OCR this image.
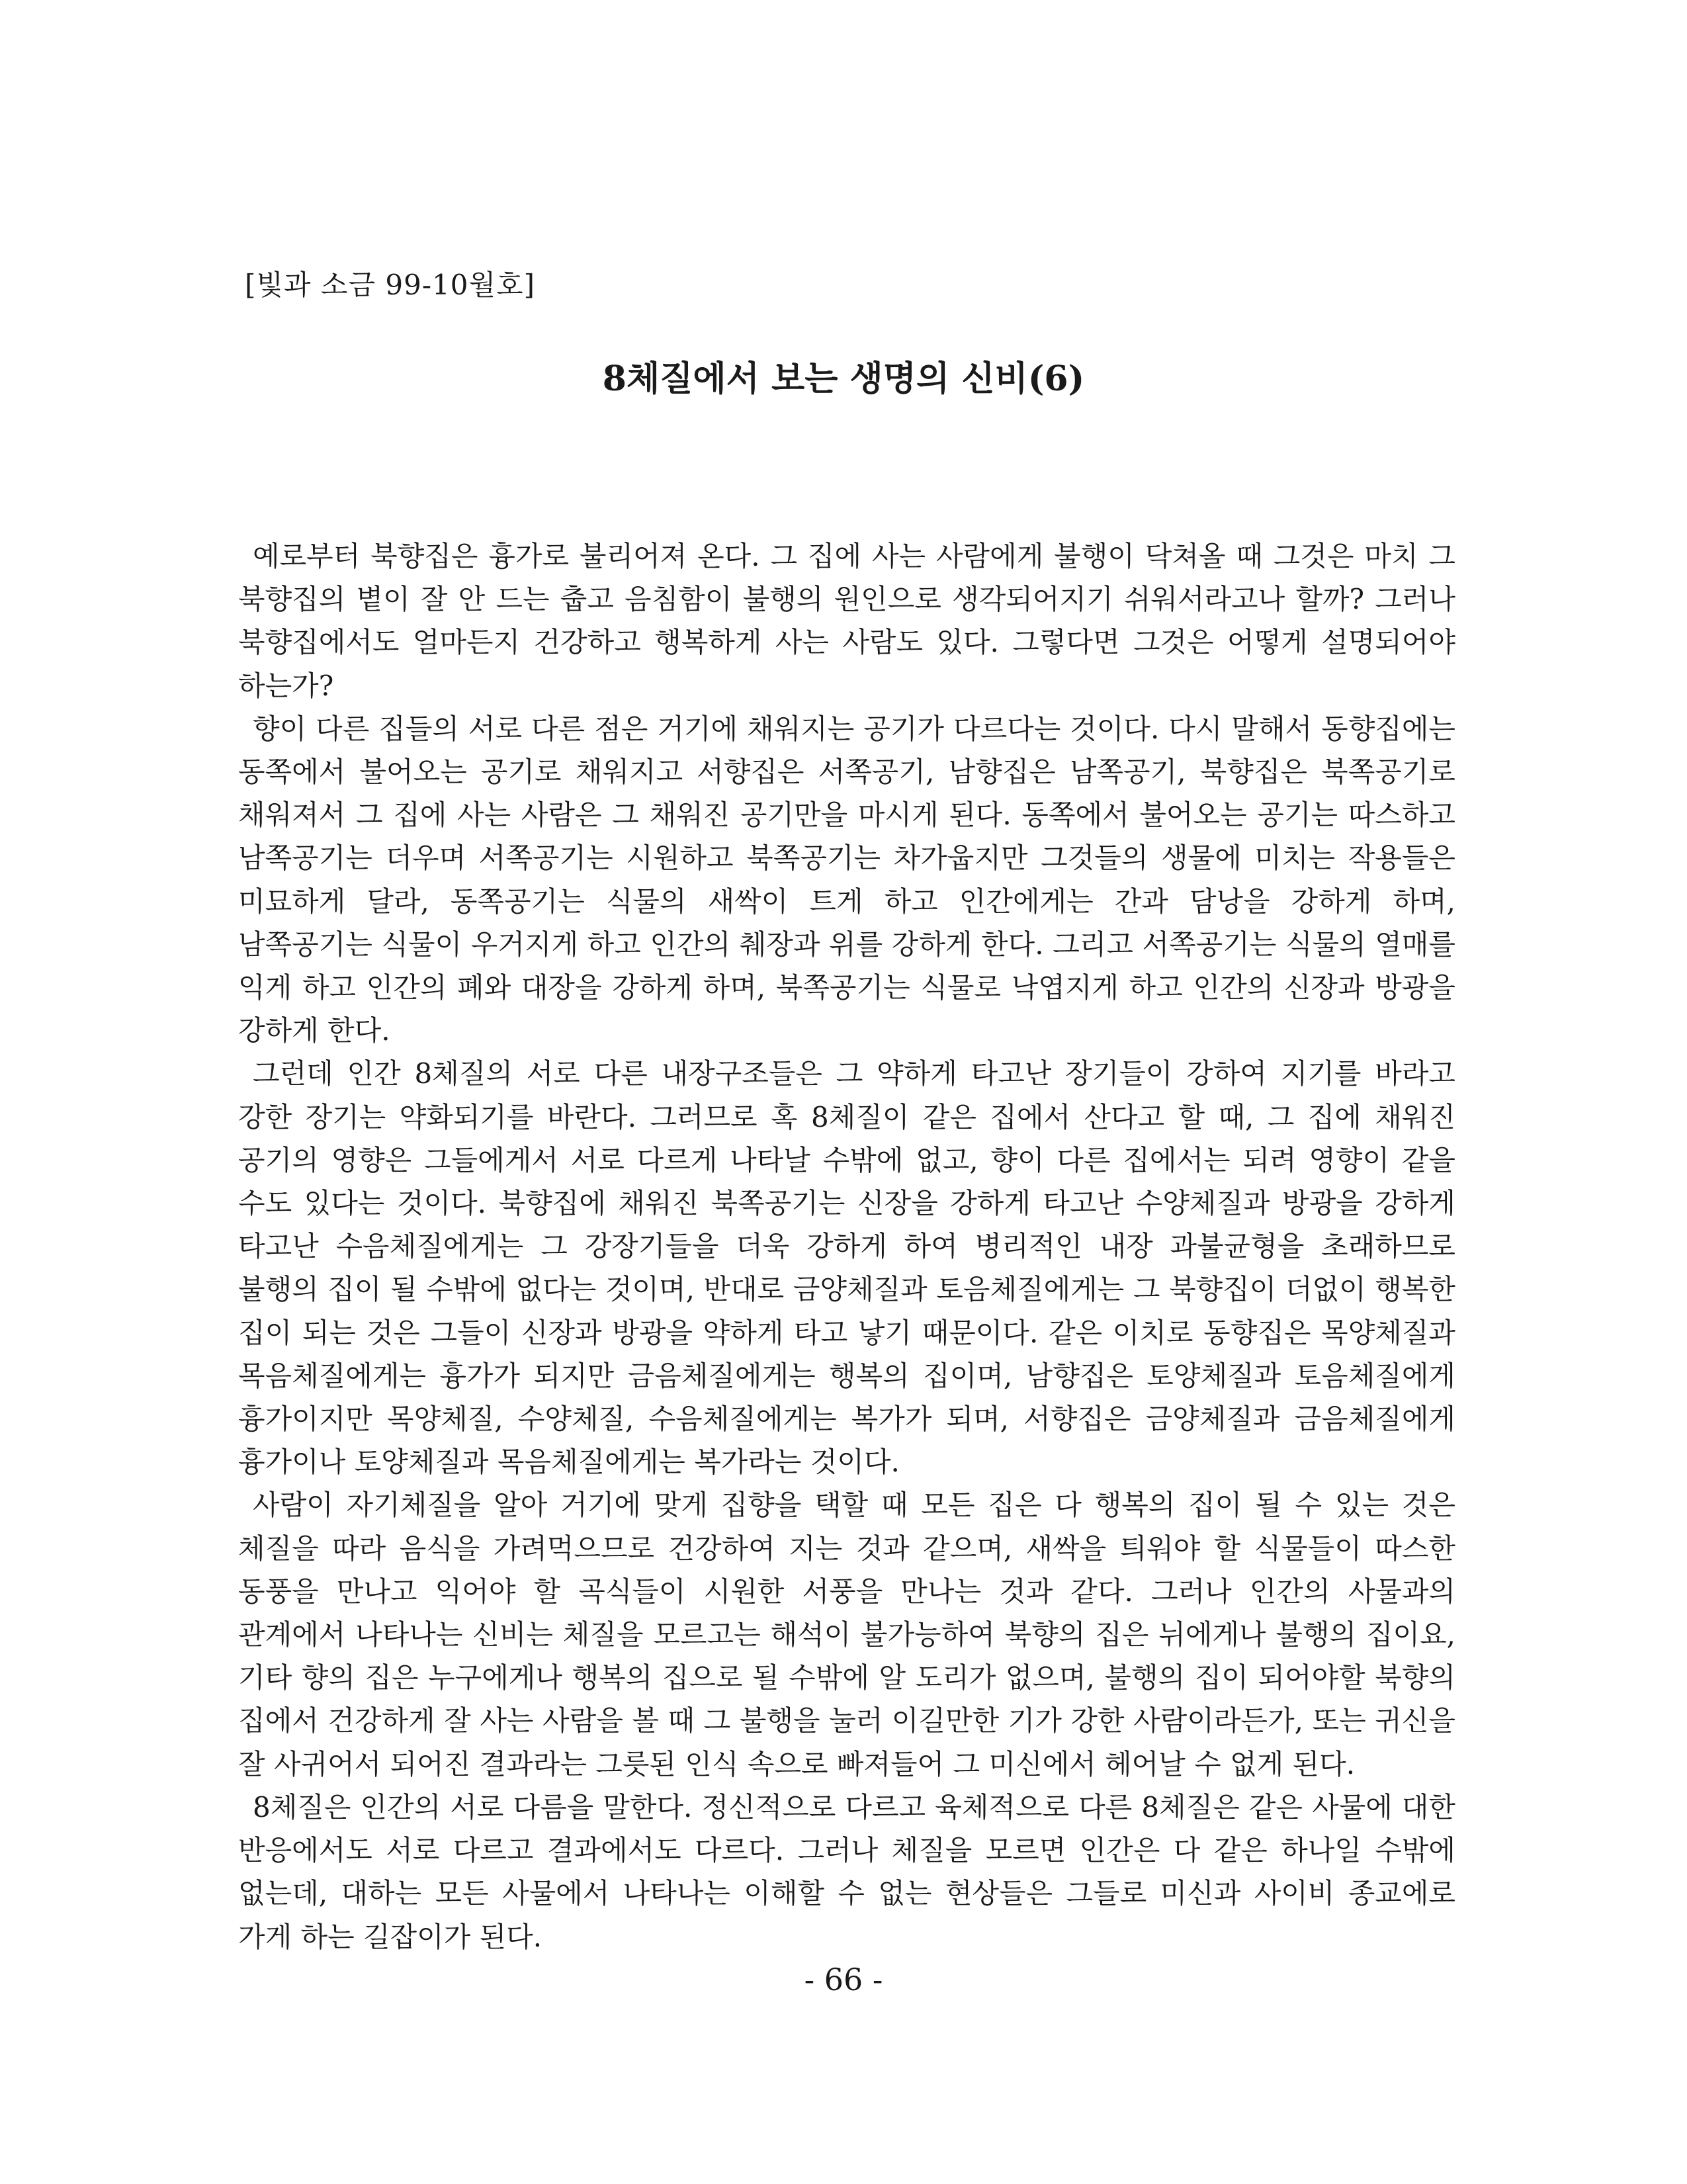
[빛과 소금 99-10월호]
8체질에서 보는 생명의 신비(6)

예로부터 북향집은 흉가로 불리어져 온다. 그 집에 사는 사람에게 불행이 닥쳐올 때 그것은 마치 그 북향집의 볕이 잘 안 드는 춥고 음침함이 불행의 원인으로 생각되어지기 쉬워서라고나 할까? 그러나 북향집에서도 얼마든지 건강하고 행복하게 사는 사람도 있다. 그렇다면 그것은 어떻게 설명되어야 하는가?

향이 다른 집들의 서로 다른 점은 거기에 채워지는 공기가 다르다는 것이다. 다시 말해서 동향집에는 동쪽에서 불어오는 공기로 채워지고 서향집은 서쪽공기, 남향집은 남쪽공기, 북향집은 북쪽공기로 채워져서 그 집에 사는 사람은 그 채워진 공기만을 마시게 된다. 동쪽에서 불어오는 공기는 따스하고 남쪽공기는 더우며 서쪽공기는 시원하고 북쪽공기는 차가웁지만 그것들의 생물에 미치는 작용들은 미묘하게 달라, 동쪽공기는 식물의 새싹이 트게 하고 인간에게는 간과 담낭을 강하게 하며, 남쪽공기는 식물이 우거지게 하고 인간의 췌장과 위를 강하게 한다. 그리고 서쪽공기는 식물의 열매를 익게 하고 인간의 폐와 대장을 강하게 하며, 북쪽공기는 식물로 낙엽지게 하고 인간의 신장과 방광을 강하게 한다.

그런데 인간 8체질의 서로 다른 내장구조들은 그 약하게 타고난 장기들이 강하여 지기를 바라고 강한 장기는 약화되기를 바란다. 그러므로 혹 8체질이 같은 집에서 산다고 할 때, 그 집에 채워진 공기의 영향은 그들에게서 서로 다르게 나타날 수밖에 없고, 향이 다른 집에서는 되려 영향이 같을 수도 있다는 것이다. 북향집에 채워진 북쪽공기는 신장을 강하게 타고난 수양체질과 방광을 강하게 타고난 수음체질에게는 그 강장기들을 더욱 강하게 하여 병리적인 내장 과불균형을 초래하므로 불행의 집이 될 수밖에 없다는 것이며, 반대로 금양체질과 토음체질에게는 그 북향집이 더없이 행복한 집이 되는 것은 그들이 신장과 방광을 약하게 타고 낳기 때문이다. 같은 이치로 동향집은 목양체질과 목음체질에게는 흉가가 되지만 금음체질에게는 행복의 집이며, 남향집은 토양체질과 토음체질에게 흉가이지만 목양체질, 수양체질, 수음체질에게는 복가가 되며, 서향집은 금양체질과 금음체질에게 흉가이나 토양체질과 목음체질에게는 복가라는 것이다.

사람이 자기체질을 알아 거기에 맞게 집향을 택할 때 모든 집은 다 행복의 집이 될 수 있는 것은 체질을 따라 음식을 가려먹으므로 건강하여 지는 것과 같으며, 새싹을 틔워야 할 식물들이 따스한 동풍을 만나고 익어야 할 곡식들이 시원한 서풍을 만나는 것과 같다. 그러나 인간의 사물과의 관계에서 나타나는 신비는 체질을 모르고는 해석이 불가능하여 북향의 집은 뉘에게나 불행의 집이요, 기타 향의 집은 누구에게나 행복의 집으로 될 수밖에 알 도리가 없으며, 불행의 집이 되어야할 북향의 집에서 건강하게 잘 사는 사람을 볼 때 그 불행을 눌러 이길만한 기가 강한 사람이라든가, 또는 귀신을 잘 사귀어서 되어진 결과라는 그릇된 인식 속으로 빠져들어 그 미신에서 헤어날 수 없게 된다.

8체질은 인간의 서로 다름을 말한다. 정신적으로 다르고 육체적으로 다른 8체질은 같은 사물에 대한 반응에서도 서로 다르고 결과에서도 다르다. 그러나 체질을 모르면 인간은 다 같은 하나일 수밖에 없는데, 대하는 모든 사물에서 나타나는 이해할 수 없는 현상들은 그들로 미신과 사이비 종교에로 가게 하는 길잡이가 된다.

- 66 -
